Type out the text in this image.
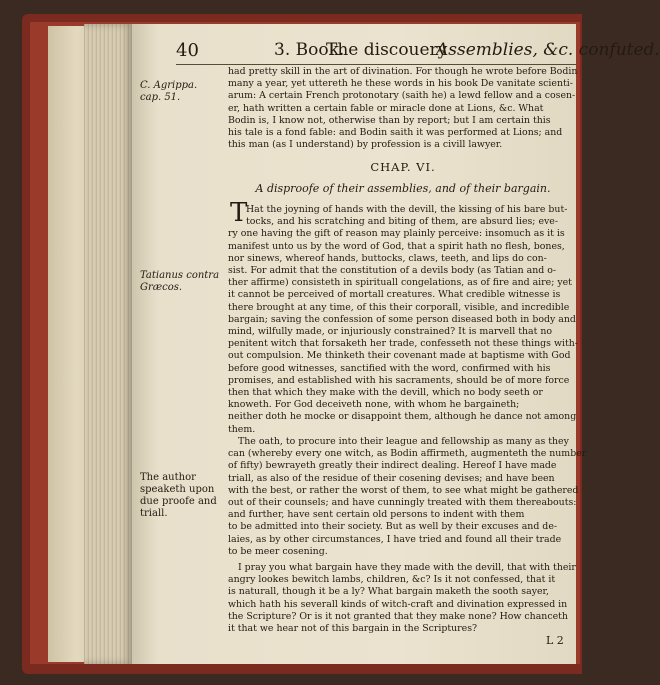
40	3. Book.
The discouery
Assemblies, &c. confuted.
C. Agrippa. cap. 51.
Tatianus contra Græcos.
The author speaketh upon due proofe and triall.
had pretty skill in the art of divination. For though he wrote before Bodin
many a year, yet uttereth he these words in his book De vanitate scienti-
arum: A certain French protonotary (saith he) a lewd fellow and a cosen-
er, hath written a certain fable or miracle done at Lions, &c. What
Bodin is, I know not, otherwise than by report; but I am certain this
his tale is a fond fable: and Bodin saith it was performed at Lions; and
this man (as I understand) by profession is a civill lawyer.
CHAP. VI.
A disproofe of their assemblies, and of their bargain.
T
Hat the joyning of hands with the devill, the kissing of his bare but-
tocks, and his scratching and biting of them, are absurd lies; eve-
ry one having the gift of reason may plainly perceive: insomuch as it is
manifest unto us by the word of God, that a spirit hath no flesh, bones,
nor sinews, whereof hands, buttocks, claws, teeth, and lips do con-
sist. For admit that the constitution of a devils body (as Tatian and o-
ther affirme) consisteth in spirituall congelations, as of fire and aire; yet
it cannot be perceived of mortall creatures. What credible witnesse is
there brought at any time, of this their corporall, visible, and incredible
bargain; saving the confession of some person diseased both in body and
mind, wilfully made, or injuriously constrained? It is marvell that no
penitent witch that forsaketh her trade, confesseth not these things with-
out compulsion. Me thinketh their covenant made at baptisme with God
before good witnesses, sanctified with the word, confirmed with his
promises, and established with his sacraments, should be of more force
then that which they make with the devill, which no body seeth or
knoweth. For God deceiveth none, with whom he bargaineth;
neither doth he mocke or disappoint them, although he dance not among
them.
The oath, to procure into their league and fellowship as many as they
can (whereby every one witch, as Bodin affirmeth, augmenteth the number
of fifty) bewrayeth greatly their indirect dealing. Hereof I have made
triall, as also of the residue of their cosening devises; and have been
with the best, or rather the worst of them, to see what might be gathered
out of their counsels; and have cunningly treated with them thereabouts:
and further, have sent certain old persons to indent with them
to be admitted into their society. But as well by their excuses and de-
laies, as by other circumstances, I have tried and found all their trade
to be meer cosening.
I pray you what bargain have they made with the devill, that with their
angry lookes bewitch lambs, children, &c? Is it not confessed, that it
is naturall, though it be a ly? What bargain maketh the sooth sayer,
which hath his severall kinds of witch-craft and divination expressed in
the Scripture? Or is it not granted that they make none? How chanceth
it that we hear not of this bargain in the Scriptures?
L 2
